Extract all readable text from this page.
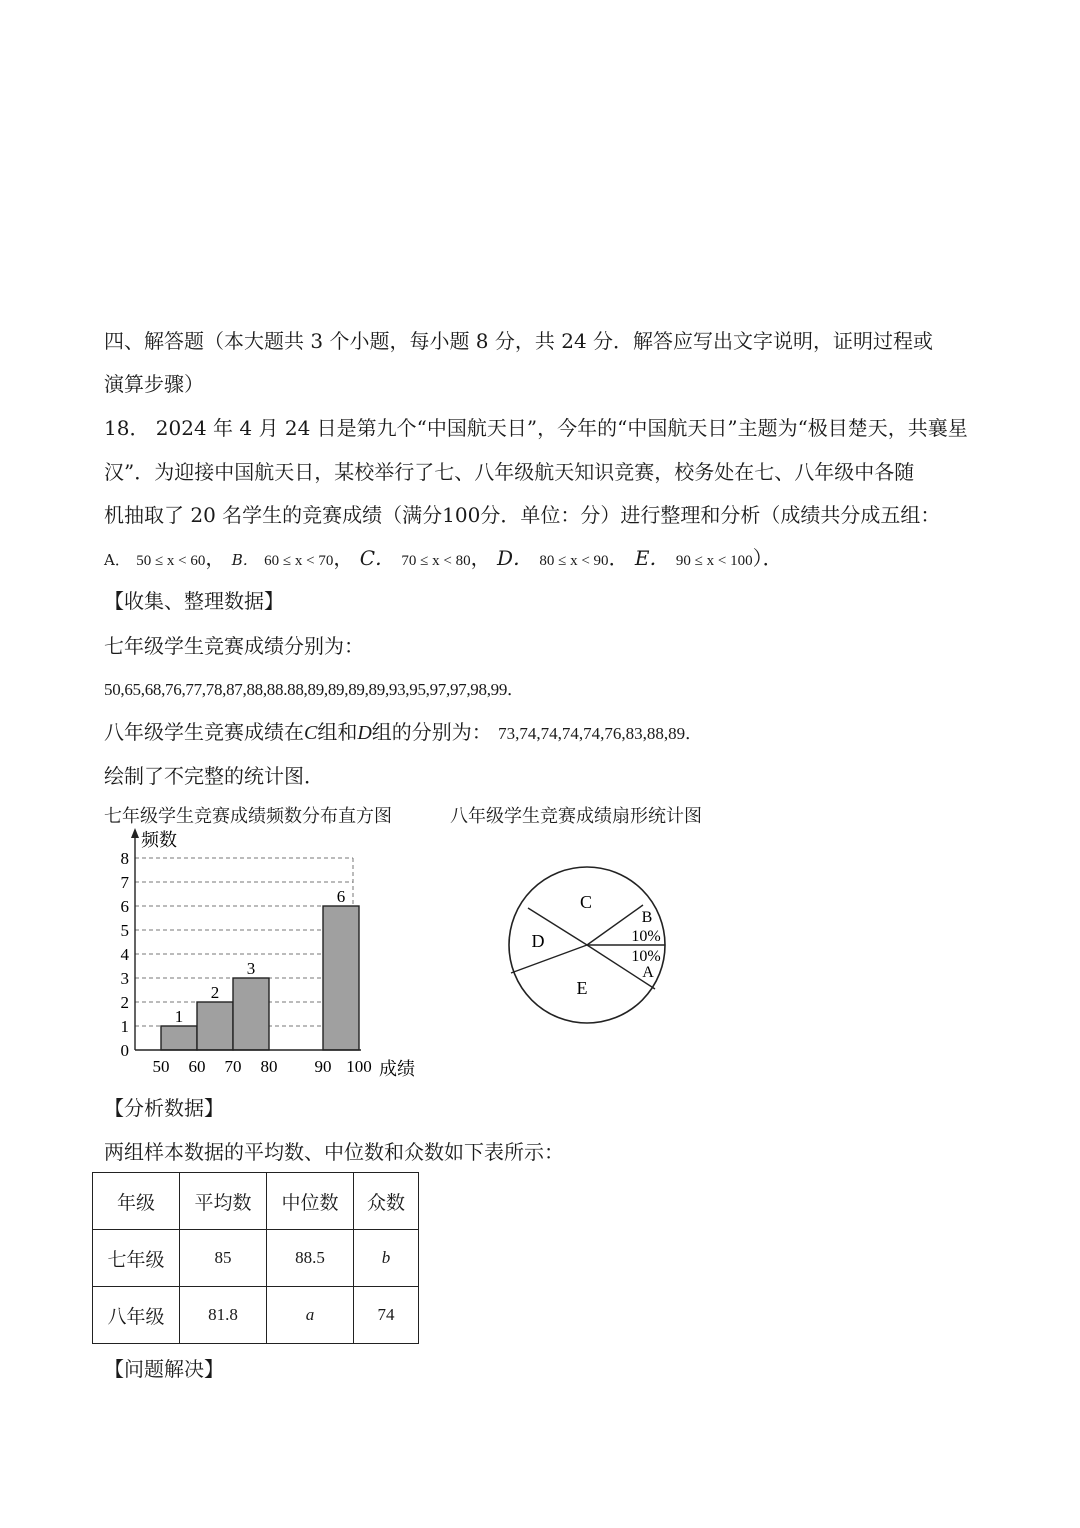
四、解答题（本大题共 3 个小题，每小题 8 分，共 24 分．解答应写出文字说明，证明过程或
演算步骤）
18． 2024 年 4 月 24 日是第九个“中国航天日”，今年的“中国航天日”主题为“极目楚天，共襄星
汉”．为迎接中国航天日，某校举行了七、八年级航天知识竞赛，校务处在七、八年级中各随
机抽取了 20 名学生的竞赛成绩（满分100分．单位：分）进行整理和分析（成绩共分成五组：
A． 50 ≤ x < 60， B． 60 ≤ x < 70， C． 70 ≤ x < 80， D． 80 ≤ x < 90． E． 90 ≤ x < 100）．
【收集、整理数据】
七年级学生竞赛成绩分别为：
50,65,68,76,77,78,87,88,88.88,89,89,89,89,93,95,97,97,98,99．
八年级学生竞赛成绩在C组和D组的分别为： 73,74,74,74,74,76,83,88,89．
绘制了不完整的统计图．
七年级学生竞赛成绩频数分布直方图	八年级学生竞赛成绩扇形统计图
1
2
3
6
0
1
2
3
4
5
6
7
8
50 60 70 80 90 100
频数
成绩
C
B
10%
10%
A
E
D
【分析数据】
两组样本数据的平均数、中位数和众数如下表所示：
年级	平均数	中位数	众数
七年级	85	88.5	b
八年级	81.8	a	74
【问题解决】
